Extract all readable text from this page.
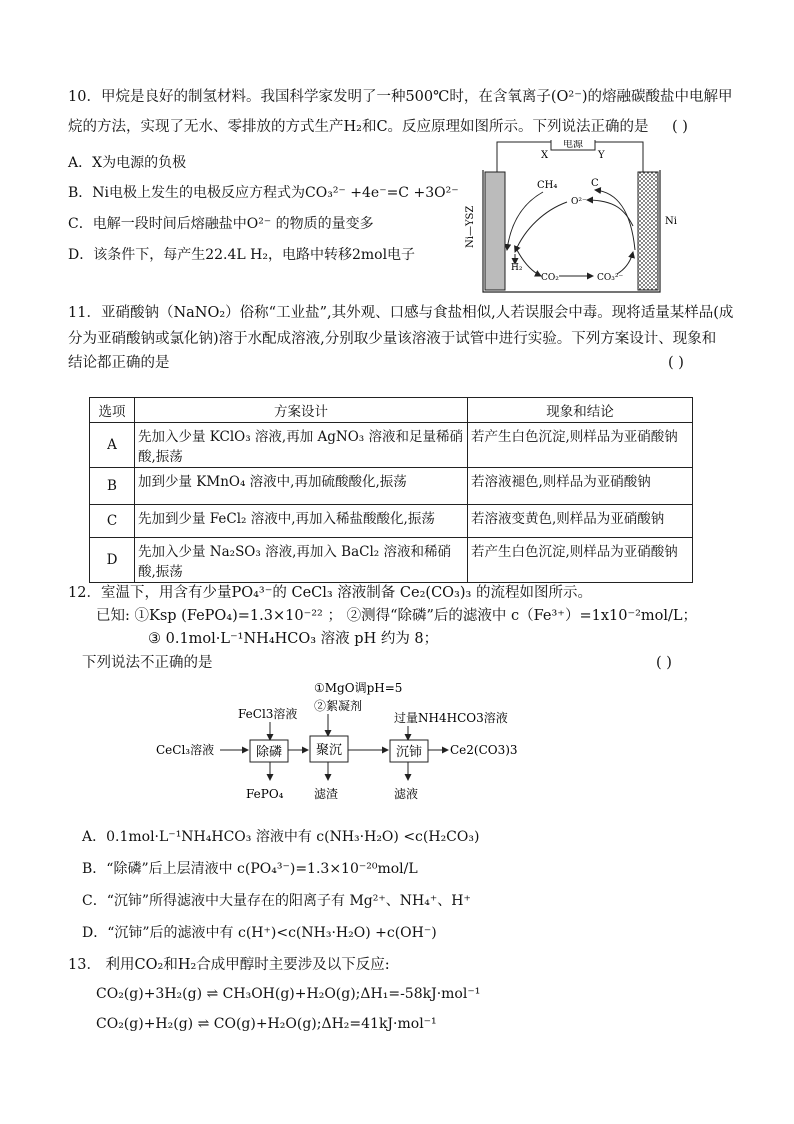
10．甲烷是良好的制氢材料。我国科学家发明了一种500℃时，在含氧离子(O²⁻)的熔融碳酸盐中电解甲
烷的方法，实现了无水、零排放的方式生产H₂和C。反应原理如图所示。下列说法正确的是 ( )
A．X为电源的负极
B．Ni电极上发生的电极反应方程式为CO₃²⁻ +4e⁻=C +3O²⁻
C．电解一段时间后熔融盐中O²⁻ 的物质的量变多
D．该条件下，每产生22.4L H₂，电路中转移2mol电子
电源
X	Y
Ni—YSZ	Ni
CH₄	C
O²⁻
H₂
CO₂	CO₃²⁻
11．亚硝酸钠（NaNO₂）俗称“工业盐”,其外观、口感与食盐相似,人若误服会中毒。现将适量某样品(成
分为亚硝酸钠或氯化钠)溶于水配成溶液,分别取少量该溶液于试管中进行实验。下列方案设计、现象和
结论都正确的是	( )
选项	方案设计	现象和结论
A	先加入少量 KClO₃ 溶液,再加 AgNO₃ 溶液和足量稀硝酸,振荡	若产生白色沉淀,则样品为亚硝酸钠
B	加到少量 KMnO₄ 溶液中,再加硫酸酸化,振荡	若溶液褪色,则样品为亚硝酸钠
C	先加到少量 FeCl₂ 溶液中,再加入稀盐酸酸化,振荡	若溶液变黄色,则样品为亚硝酸钠
D	先加入少量 Na₂SO₃ 溶液,再加入 BaCl₂ 溶液和稀硝酸,振荡	若产生白色沉淀,则样品为亚硝酸钠
12．室温下，用含有少量PO₄³⁻的 CeCl₃ 溶液制备 Ce₂(CO₃)₃ 的流程如图所示。
已知: ①Ksp (FePO₄)=1.3×10⁻²² ； ②测得“除磷”后的滤液中 c（Fe³⁺）=1x10⁻²mol/L；
③ 0.1mol·L⁻¹NH₄HCO₃ 溶液 pH 约为 8；
下列说法不正确的是	( )
CeCl₃溶液
FeCl3溶液
除磷
FePO₄
①MgO调pH=5
②絮凝剂
聚沉
滤渣
过量NH4HCO3溶液
沉铈
滤液
Ce2(CO3)3
A．0.1mol·L⁻¹NH₄HCO₃ 溶液中有 c(NH₃·H₂O) <c(H₂CO₃)
B．“除磷”后上层清液中 c(PO₄³⁻)=1.3×10⁻²⁰mol/L
C．“沉铈”所得滤液中大量存在的阳离子有 Mg²⁺、NH₄⁺、H⁺
D．“沉铈”后的滤液中有 c(H⁺)<c(NH₃·H₂O) +c(OH⁻)
13． 利用CO₂和H₂合成甲醇时主要涉及以下反应:
CO₂(g)+3H₂(g) ⇌ CH₃OH(g)+H₂O(g);ΔH₁=-58kJ·mol⁻¹
CO₂(g)+H₂(g) ⇌ CO(g)+H₂O(g);ΔH₂=41kJ·mol⁻¹
